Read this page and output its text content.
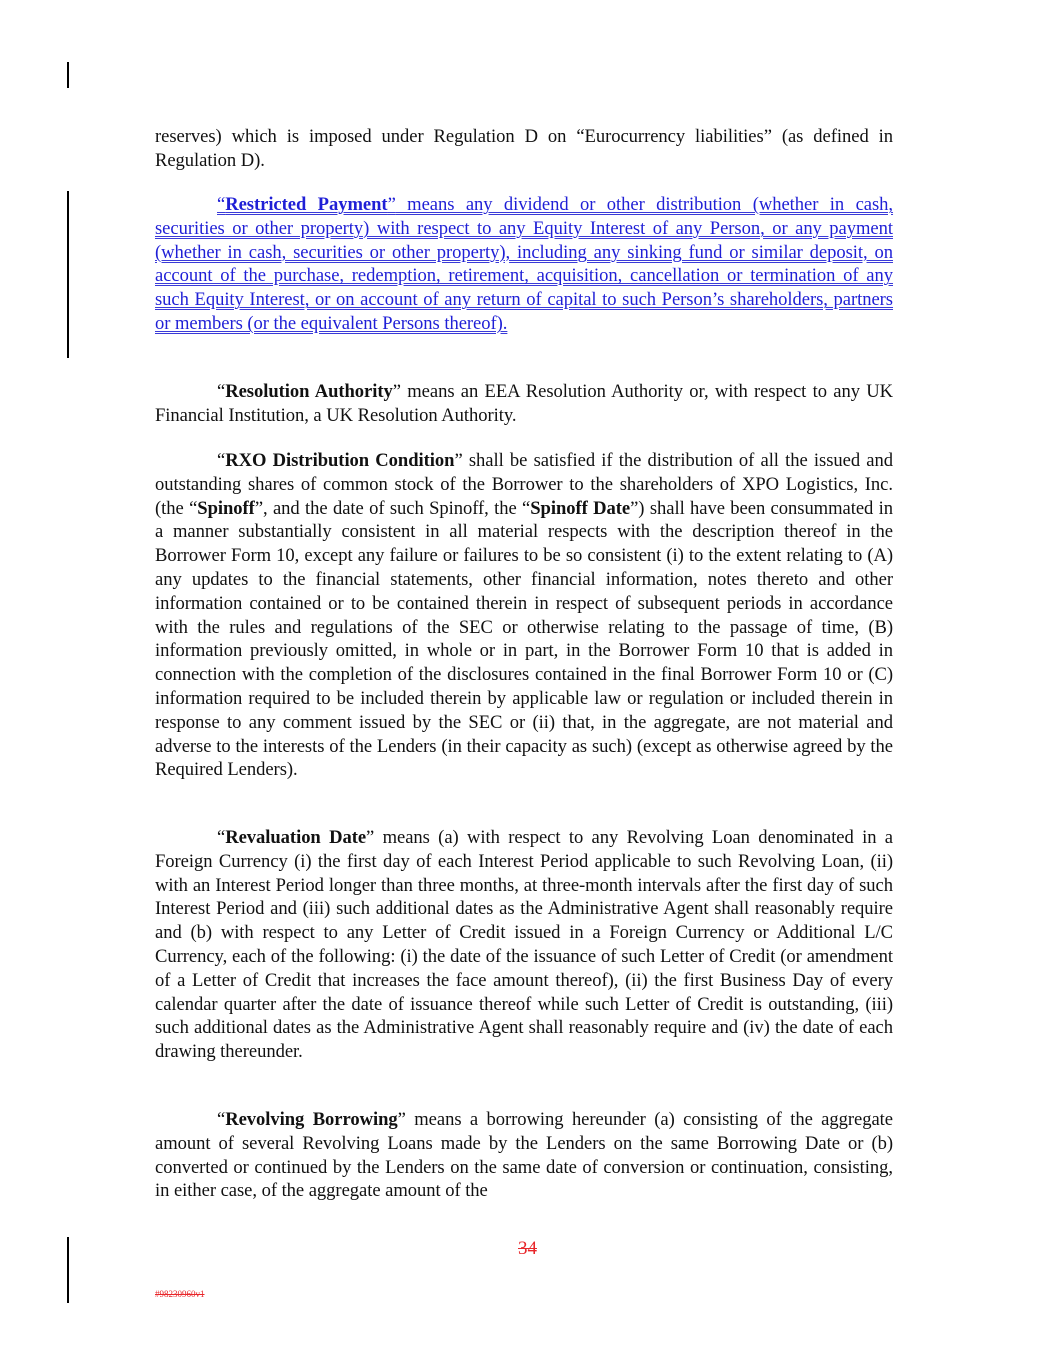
reserves) which is imposed under Regulation D on “Eurocurrency liabilities” (as defined in Regulation D).

“Restricted Payment” means any dividend or other distribution (whether in cash, securities or other property) with respect to any Equity Interest of any Person, or any payment (whether in cash, securities or other property), including any sinking fund or similar deposit, on account of the purchase, redemption, retirement, acquisition, cancellation or termination of any such Equity Interest, or on account of any return of capital to such Person’s shareholders, partners or members (or the equivalent Persons thereof).

“Resolution Authority” means an EEA Resolution Authority or, with respect to any UK Financial Institution, a UK Resolution Authority.

“RXO Distribution Condition” shall be satisfied if the distribution of all the issued and outstanding shares of common stock of the Borrower to the shareholders of XPO Logistics, Inc. (the “Spinoff”, and the date of such Spinoff, the “Spinoff Date”) shall have been consummated in a manner substantially consistent in all material respects with the description thereof in the Borrower Form 10, except any failure or failures to be so consistent (i) to the extent relating to (A) any updates to the financial statements, other financial information, notes thereto and other information contained or to be contained therein in respect of subsequent periods in accordance with the rules and regulations of the SEC or otherwise relating to the passage of time, (B) information previously omitted, in whole or in part, in the Borrower Form 10 that is added in connection with the completion of the disclosures contained in the final Borrower Form 10 or (C) information required to be included therein by applicable law or regulation or included therein in response to any comment issued by the SEC or (ii) that, in the aggregate, are not material and adverse to the interests of the Lenders (in their capacity as such) (except as otherwise agreed by the Required Lenders).

“Revaluation Date” means (a) with respect to any Revolving Loan denominated in a Foreign Currency (i) the first day of each Interest Period applicable to such Revolving Loan, (ii) with an Interest Period longer than three months, at three-month intervals after the first day of such Interest Period and (iii) such additional dates as the Administrative Agent shall reasonably require and (b) with respect to any Letter of Credit issued in a Foreign Currency or Additional L/C Currency, each of the following: (i) the date of the issuance of such Letter of Credit (or amendment of a Letter of Credit that increases the face amount thereof), (ii) the first Business Day of every calendar quarter after the date of issuance thereof while such Letter of Credit is outstanding, (iii) such additional dates as the Administrative Agent shall reasonably require and (iv) the date of each drawing thereunder.

“Revolving Borrowing” means a borrowing hereunder (a) consisting of the aggregate amount of several Revolving Loans made by the Lenders on the same Borrowing Date or (b) converted or continued by the Lenders on the same date of conversion or continuation, consisting, in either case, of the aggregate amount of the

34
#98230960v1
